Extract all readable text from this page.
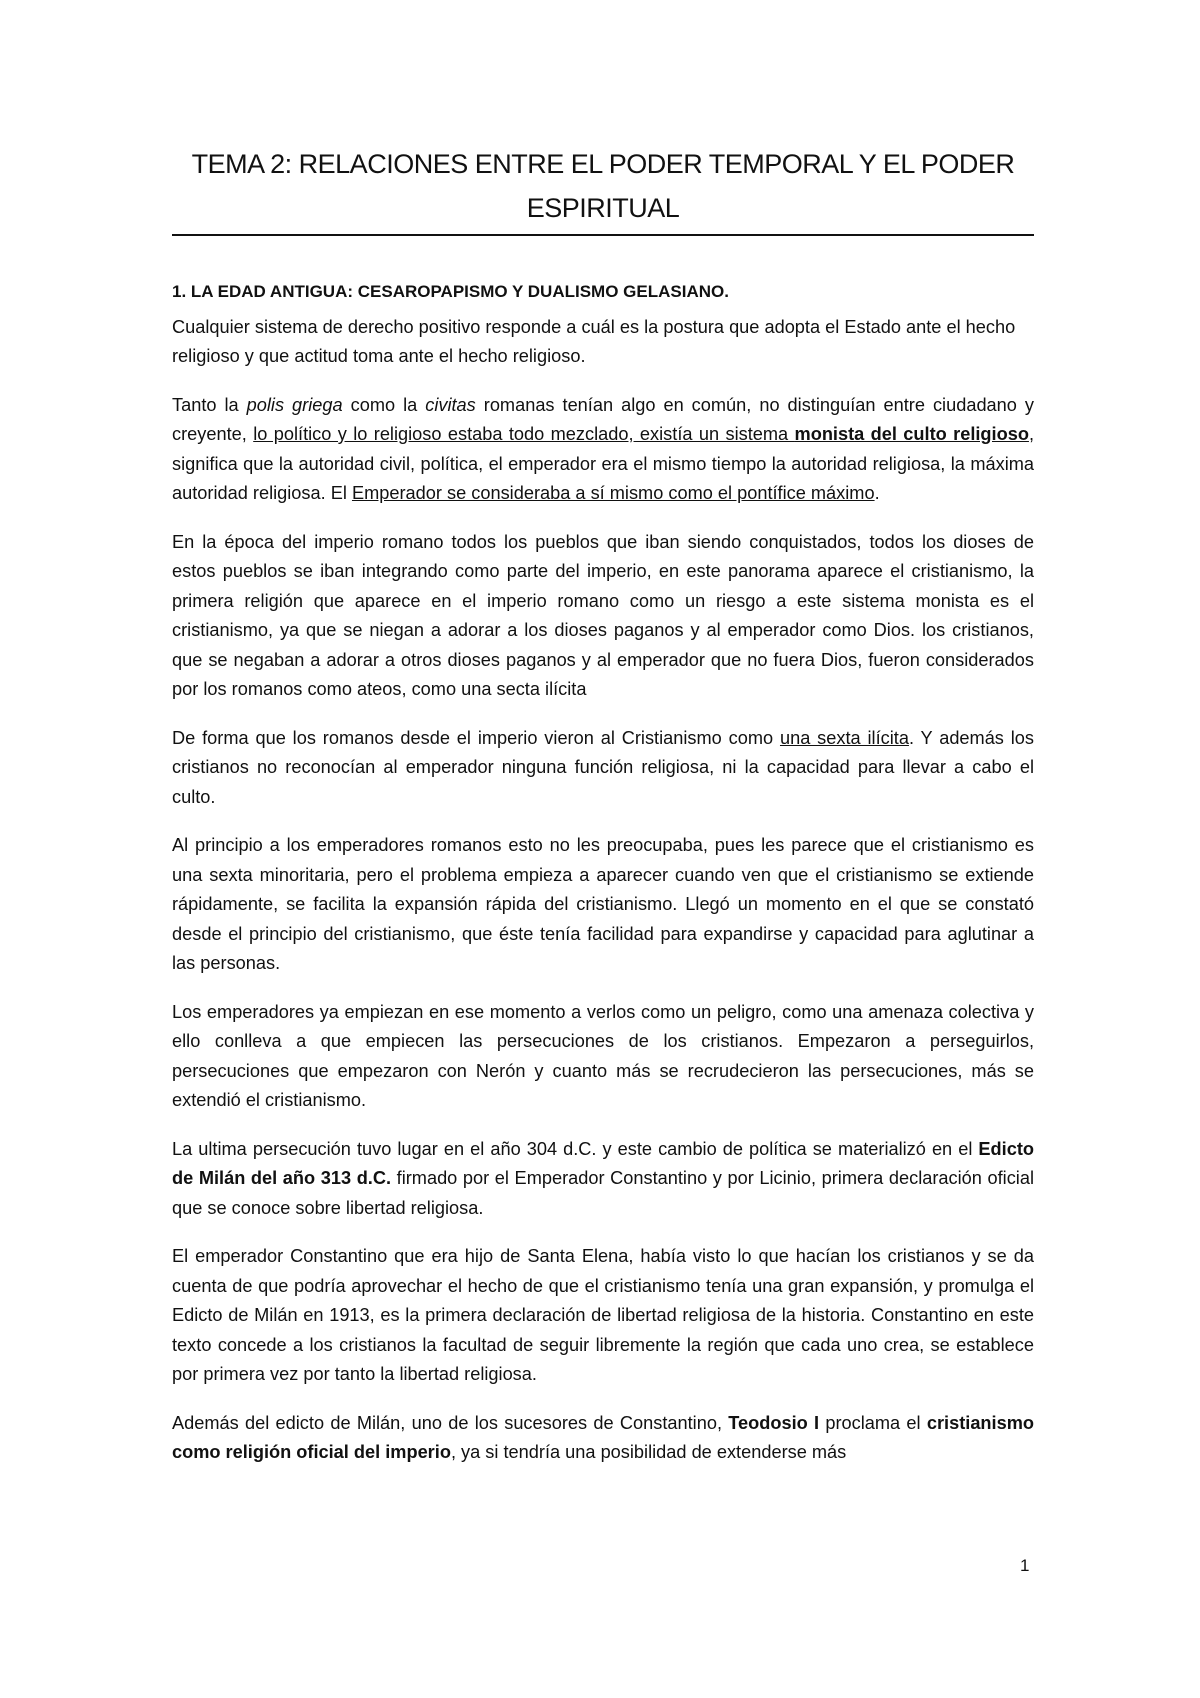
TEMA 2: RELACIONES ENTRE EL PODER TEMPORAL Y EL PODER
ESPIRITUAL
1. LA EDAD ANTIGUA: CESAROPAPISMO Y DUALISMO GELASIANO.

Cualquier sistema de derecho positivo responde a cuál es la postura que adopta el Estado ante el hecho religioso y que actitud toma ante el hecho religioso.

Tanto la polis griega como la civitas romanas tenían algo en común, no distinguían entre ciudadano y creyente, lo político y lo religioso estaba todo mezclado, existía un sistema monista del culto religioso, significa que la autoridad civil, política, el emperador era el mismo tiempo la autoridad religiosa, la máxima autoridad religiosa. El Emperador se consideraba a sí mismo como el pontífice máximo.

En la época del imperio romano todos los pueblos que iban siendo conquistados, todos los dioses de estos pueblos se iban integrando como parte del imperio, en este panorama aparece el cristianismo, la primera religión que aparece en el imperio romano como un riesgo a este sistema monista es el cristianismo, ya que se niegan a adorar a los dioses paganos y al emperador como Dios. los cristianos, que se negaban a adorar a otros dioses paganos y al emperador que no fuera Dios, fueron considerados por los romanos como ateos, como una secta ilícita

De forma que los romanos desde el imperio vieron al Cristianismo como una sexta ilícita. Y además los cristianos no reconocían al emperador ninguna función religiosa, ni la capacidad para llevar a cabo el culto.

Al principio a los emperadores romanos esto no les preocupaba, pues les parece que el cristianismo es una sexta minoritaria, pero el problema empieza a aparecer cuando ven que el cristianismo se extiende rápidamente, se facilita la expansión rápida del cristianismo. Llegó un momento en el que se constató desde el principio del cristianismo, que éste tenía facilidad para expandirse y capacidad para aglutinar a las personas.

Los emperadores ya empiezan en ese momento a verlos como un peligro, como una amenaza colectiva y ello conlleva a que empiecen las persecuciones de los cristianos. Empezaron a perseguirlos, persecuciones que empezaron con Nerón y cuanto más se recrudecieron las persecuciones, más se extendió el cristianismo.

La ultima persecución tuvo lugar en el año 304 d.C. y este cambio de política se materializó en el Edicto de Milán del año 313 d.C. firmado por el Emperador Constantino y por Licinio, primera declaración oficial que se conoce sobre libertad religiosa.

El emperador Constantino que era hijo de Santa Elena, había visto lo que hacían los cristianos y se da cuenta de que podría aprovechar el hecho de que el cristianismo tenía una gran expansión, y promulga el Edicto de Milán en 1913, es la primera declaración de libertad religiosa de la historia. Constantino en este texto concede a los cristianos la facultad de seguir libremente la región que cada uno crea, se establece por primera vez por tanto la libertad religiosa.

Además del edicto de Milán, uno de los sucesores de Constantino, Teodosio I proclama el cristianismo como religión oficial del imperio, ya si tendría una posibilidad de extenderse más

1
